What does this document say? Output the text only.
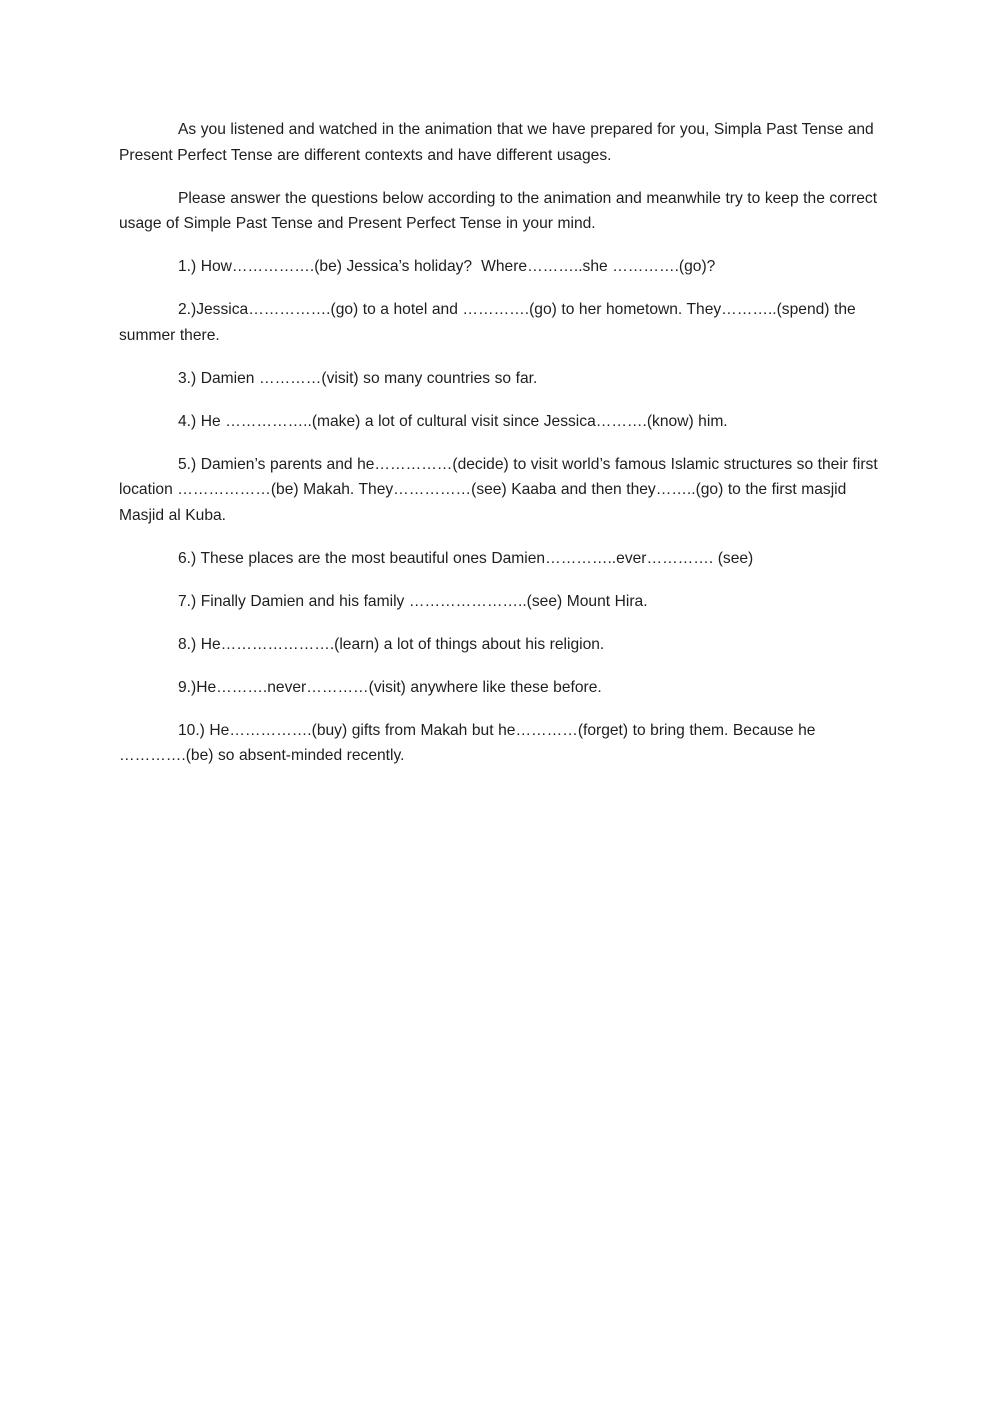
As you listened and watched in the animation that we have prepared for you, Simpla Past Tense and Present Perfect Tense are different contexts and have different usages.

Please answer the questions below according to the animation and meanwhile try to keep the correct usage of Simple Past Tense and Present Perfect Tense in your mind.

1.) How…………….(be) Jessica’s holiday?  Where………..she ………….(go)?

2.)Jessica…………….(go) to a hotel and ………….(go) to her hometown. They………..(spend) the summer there.

3.) Damien …………(visit) so many countries so far.

4.) He ……………..(make) a lot of cultural visit since Jessica……….(know) him.

5.) Damien’s parents and he……………(decide) to visit world’s famous Islamic structures so their first location ………………(be) Makah. They……………(see) Kaaba and then they……..(go) to the first masjid  Masjid al Kuba.

6.) These places are the most beautiful ones Damien…………..ever…………. (see)

7.) Finally Damien and his family …………………..(see) Mount Hira.

8.) He………………….(learn) a lot of things about his religion.

9.)He……….never…………(visit) anywhere like these before.

10.) He…………….(buy) gifts from Makah but he…………(forget) to bring them. Because he ………….(be) so absent-minded recently.
